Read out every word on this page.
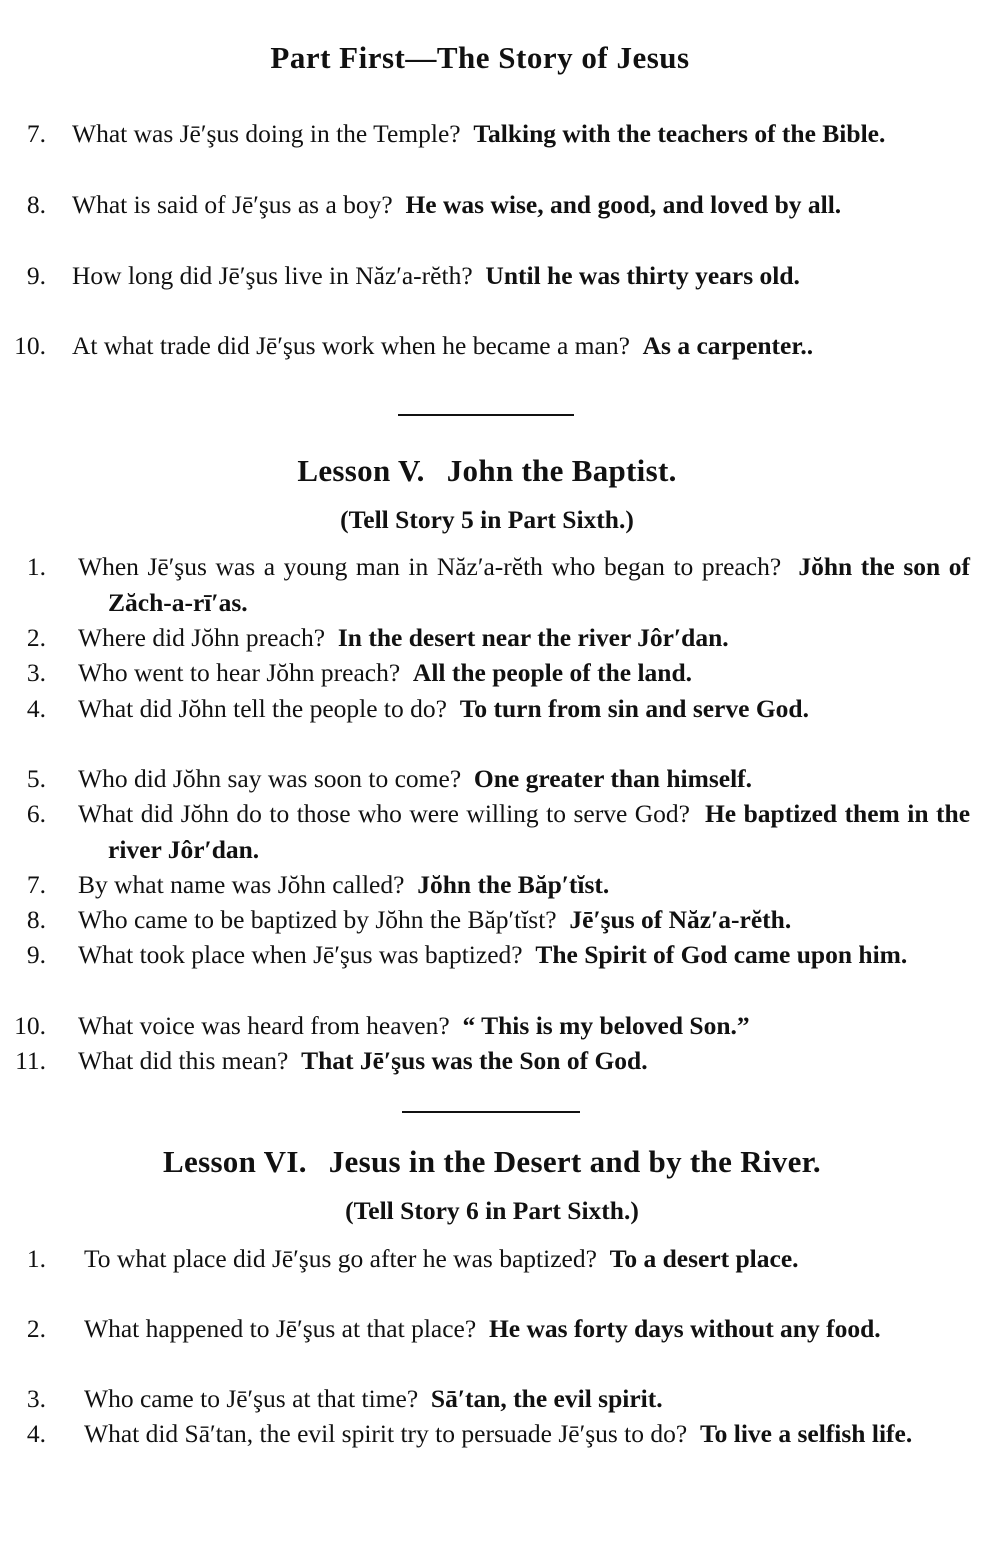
Part First—The Story of Jesus
7. What was Jē′şus doing in the Temple? Talking with the teachers of the Bible.
8. What is said of Jē′şus as a boy? He was wise, and good, and loved by all.
9. How long did Jē′şus live in Năz′a-rĕth? Until he was thirty years old.
10. At what trade did Jē′şus work when he became a man? As a carpenter..
Lesson V. John the Baptist.
(Tell Story 5 in Part Sixth.)
1. When Jē′şus was a young man in Năz′a-rĕth who began to preach? Jŏhn the son of Zăch-a-rī′as.
2. Where did Jŏhn preach? In the desert near the river Jôr′dan.
3. Who went to hear Jŏhn preach? All the people of the land.
4. What did Jŏhn tell the people to do? To turn from sin and serve God.
5. Who did Jŏhn say was soon to come? One greater than himself.
6. What did Jŏhn do to those who were willing to serve God? He baptized them in the river Jôr′dan.
7. By what name was Jŏhn called? Jŏhn the Băp′tĭst.
8. Who came to be baptized by Jŏhn the Băp′tĭst? Jē′şus of Năz′a-rĕth.
9. What took place when Jē′şus was baptized? The Spirit of God came upon him.
10. What voice was heard from heaven? “ This is my beloved Son.”
11. What did this mean? That Jē′şus was the Son of God.
Lesson VI. Jesus in the Desert and by the River.
(Tell Story 6 in Part Sixth.)
1. To what place did Jē′şus go after he was baptized? To a desert place.
2. What happened to Jē′şus at that place? He was forty days without any food.
3. Who came to Jē′şus at that time? Sā′tan, the evil spirit.
4. What did Sā′tan, the evil spirit try to persuade Jē′şus to do? To live a selfish life.
